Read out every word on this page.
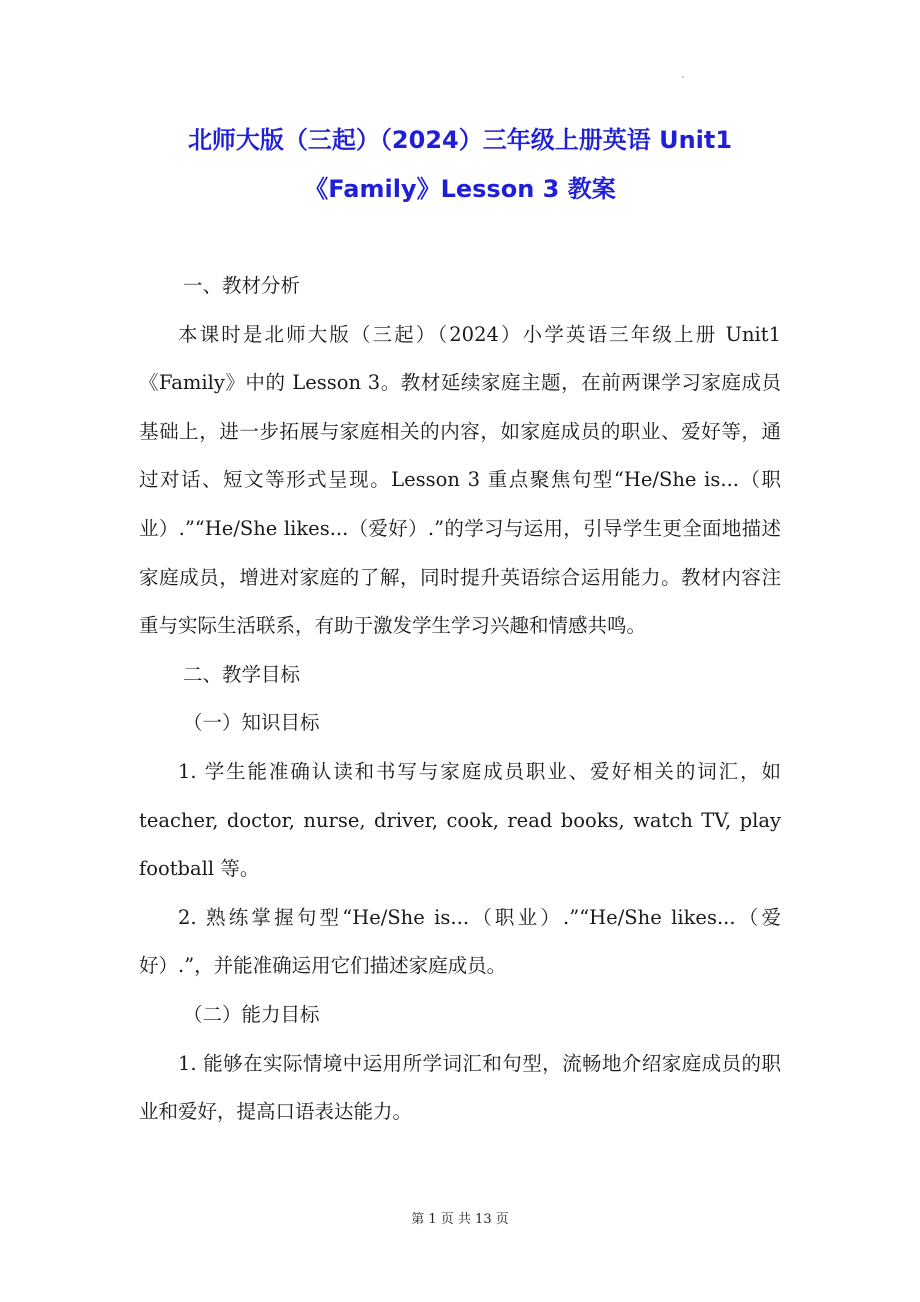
北师大版（三起）（2024）三年级上册英语 Unit1
《Family》Lesson 3 教案

一、教材分析

本课时是北师大版（三起）（2024）小学英语三年级上册 Unit1《Family》中的 Lesson 3。教材延续家庭主题，在前两课学习家庭成员基础上，进一步拓展与家庭相关的内容，如家庭成员的职业、爱好等，通过对话、短文等形式呈现。Lesson 3 重点聚焦句型“He/She is...（职业）.”“He/She likes...（爱好）.”的学习与运用，引导学生更全面地描述家庭成员，增进对家庭的了解，同时提升英语综合运用能力。教材内容注重与实际生活联系，有助于激发学生学习兴趣和情感共鸣。

二、教学目标

（一）知识目标

1. 学生能准确认读和书写与家庭成员职业、爱好相关的词汇，如 teacher, doctor, nurse, driver, cook, read books, watch TV, play football 等。

2. 熟练掌握句型“He/She is...（职业）.”“He/She likes...（爱好）.”，并能准确运用它们描述家庭成员。

（二）能力目标

1. 能够在实际情境中运用所学词汇和句型，流畅地介绍家庭成员的职业和爱好，提高口语表达能力。

第 1 页 共 13 页
